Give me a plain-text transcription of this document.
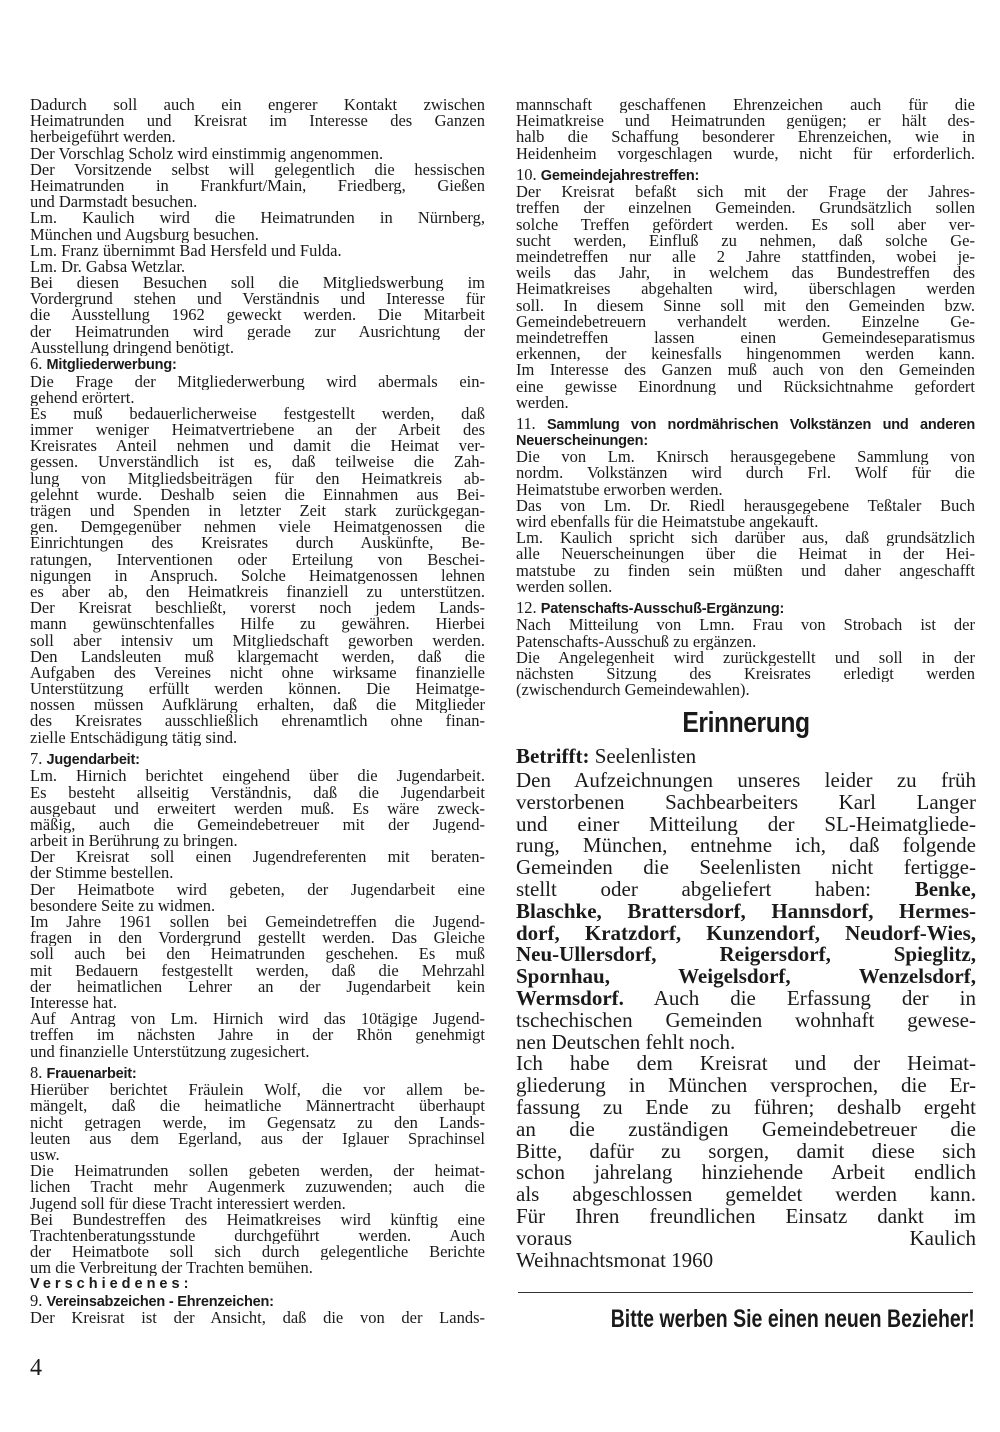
Dadurch soll auch ein engerer Kontakt zwischen
Heimatrunden und Kreisrat im Interesse des Ganzen
herbeigeführt werden.
Der Vorschlag Scholz wird einstimmig angenommen.
Der Vorsitzende selbst will gelegentlich die hessischen
Heimatrunden in Frankfurt/Main, Friedberg, Gießen
und Darmstadt besuchen.
Lm. Kaulich wird die Heimatrunden in Nürnberg,
München und Augsburg besuchen.
Lm. Franz übernimmt Bad Hersfeld und Fulda.
Lm. Dr. Gabsa Wetzlar.
Bei diesen Besuchen soll die Mitgliedswerbung im
Vordergrund stehen und Verständnis und Interesse für
die Ausstellung 1962 geweckt werden. Die Mitarbeit
der Heimatrunden wird gerade zur Ausrichtung der
Ausstellung dringend benötigt.
6. Mitgliederwerbung:
Die Frage der Mitgliederwerbung wird abermals ein-
gehend erörtert.
Es muß bedauerlicherweise festgestellt werden, daß
immer weniger Heimatvertriebene an der Arbeit des
Kreisrates Anteil nehmen und damit die Heimat ver-
gessen. Unverständlich ist es, daß teilweise die Zah-
lung von Mitgliedsbeiträgen für den Heimatkreis ab-
gelehnt wurde. Deshalb seien die Einnahmen aus Bei-
trägen und Spenden in letzter Zeit stark zurückgegan-
gen. Demgegenüber nehmen viele Heimatgenossen die
Einrichtungen des Kreisrates durch Auskünfte, Be-
ratungen, Interventionen oder Erteilung von Beschei-
nigungen in Anspruch. Solche Heimatgenossen lehnen
es aber ab, den Heimatkreis finanziell zu unterstützen.
Der Kreisrat beschließt, vorerst noch jedem Lands-
mann gewünschtenfalles Hilfe zu gewähren. Hierbei
soll aber intensiv um Mitgliedschaft geworben werden.
Den Landsleuten muß klargemacht werden, daß die
Aufgaben des Vereines nicht ohne wirksame finanzielle
Unterstützung erfüllt werden können. Die Heimatge-
nossen müssen Aufklärung erhalten, daß die Mitglieder
des Kreisrates ausschließlich ehrenamtlich ohne finan-
zielle Entschädigung tätig sind.
7. Jugendarbeit:
Lm. Hirnich berichtet eingehend über die Jugendarbeit.
Es besteht allseitig Verständnis, daß die Jugendarbeit
ausgebaut und erweitert werden muß. Es wäre zweck-
mäßig, auch die Gemeindebetreuer mit der Jugend-
arbeit in Berührung zu bringen.
Der Kreisrat soll einen Jugendreferenten mit beraten-
der Stimme bestellen.
Der Heimatbote wird gebeten, der Jugendarbeit eine
besondere Seite zu widmen.
Im Jahre 1961 sollen bei Gemeindetreffen die Jugend-
fragen in den Vordergrund gestellt werden. Das Gleiche
soll auch bei den Heimatrunden geschehen. Es muß
mit Bedauern festgestellt werden, daß die Mehrzahl
der heimatlichen Lehrer an der Jugendarbeit kein
Interesse hat.
Auf Antrag von Lm. Hirnich wird das 10tägige Jugend-
treffen im nächsten Jahre in der Rhön genehmigt
und finanzielle Unterstützung zugesichert.
8. Frauenarbeit:
Hierüber berichtet Fräulein Wolf, die vor allem be-
mängelt, daß die heimatliche Männertracht überhaupt
nicht getragen werde, im Gegensatz zu den Lands-
leuten aus dem Egerland, aus der Iglauer Sprachinsel
usw.
Die Heimatrunden sollen gebeten werden, der heimat-
lichen Tracht mehr Augenmerk zuzuwenden; auch die
Jugend soll für diese Tracht interessiert werden.
Bei Bundestreffen des Heimatkreises wird künftig eine
Trachtenberatungsstunde durchgeführt werden. Auch
der Heimatbote soll sich durch gelegentliche Berichte
um die Verbreitung der Trachten bemühen.
Verschiedenes:
9. Vereinsabzeichen - Ehrenzeichen:
Der Kreisrat ist der Ansicht, daß die von der Lands-
mannschaft geschaffenen Ehrenzeichen auch für die
Heimatkreise und Heimatrunden genügen; er hält des-
halb die Schaffung besonderer Ehrenzeichen, wie in
Heidenheim vorgeschlagen wurde, nicht für erforderlich.
10. Gemeindejahrestreffen:
Der Kreisrat befaßt sich mit der Frage der Jahres-
treffen der einzelnen Gemeinden. Grundsätzlich sollen
solche Treffen gefördert werden. Es soll aber ver-
sucht werden, Einfluß zu nehmen, daß solche Ge-
meindetreffen nur alle 2 Jahre stattfinden, wobei je-
weils das Jahr, in welchem das Bundestreffen des
Heimatkreises abgehalten wird, überschlagen werden
soll. In diesem Sinne soll mit den Gemeinden bzw.
Gemeindebetreuern verhandelt werden. Einzelne Ge-
meindetreffen lassen einen Gemeindeseparatismus
erkennen, der keinesfalls hingenommen werden kann.
Im Interesse des Ganzen muß auch von den Gemeinden
eine gewisse Einordnung und Rücksichtnahme gefordert
werden.
11. Sammlung von nordmährischen Volkstänzen und anderen Neuerscheinungen:
Die von Lm. Knirsch herausgegebene Sammlung von
nordm. Volkstänzen wird durch Frl. Wolf für die
Heimatstube erworben werden.
Das von Lm. Dr. Riedl herausgegebene Teßtaler Buch
wird ebenfalls für die Heimatstube angekauft.
Lm. Kaulich spricht sich darüber aus, daß grundsätzlich
alle Neuerscheinungen über die Heimat in der Hei-
matstube zu finden sein müßten und daher angeschafft
werden sollen.
12. Patenschafts-Ausschuß-Ergänzung:
Nach Mitteilung von Lmn. Frau von Strobach ist der
Patenschafts-Ausschuß zu ergänzen.
Die Angelegenheit wird zurückgestellt und soll in der
nächsten Sitzung des Kreisrates erledigt werden
(zwischendurch Gemeindewahlen).
Erinnerung
Betrifft: Seelenlisten
Den Aufzeichnungen unseres leider zu früh
verstorbenen Sachbearbeiters Karl Langer
und einer Mitteilung der SL-Heimatgliede-
rung, München, entnehme ich, daß folgende
Gemeinden die Seelenlisten nicht fertigge-
stellt oder abgeliefert haben: Benke,
Blaschke, Brattersdorf, Hannsdorf, Hermes-
dorf, Kratzdorf, Kunzendorf, Neudorf-Wies,
Neu-Ullersdorf, Reigersdorf, Spieglitz,
Spornhau, Weigelsdorf, Wenzelsdorf,
Wermsdorf. Auch die Erfassung der in
tschechischen Gemeinden wohnhaft gewese-
nen Deutschen fehlt noch.
Ich habe dem Kreisrat und der Heimat-
gliederung in München versprochen, die Er-
fassung zu Ende zu führen; deshalb ergeht
an die zuständigen Gemeindebetreuer die
Bitte, dafür zu sorgen, damit diese sich
schon jahrelang hinziehende Arbeit endlich
als abgeschlossen gemeldet werden kann.
Für Ihren freundlichen Einsatz dankt im
voraus	Kaulich
Weihnachtsmonat 1960
Bitte werben Sie einen neuen Bezieher!
4
